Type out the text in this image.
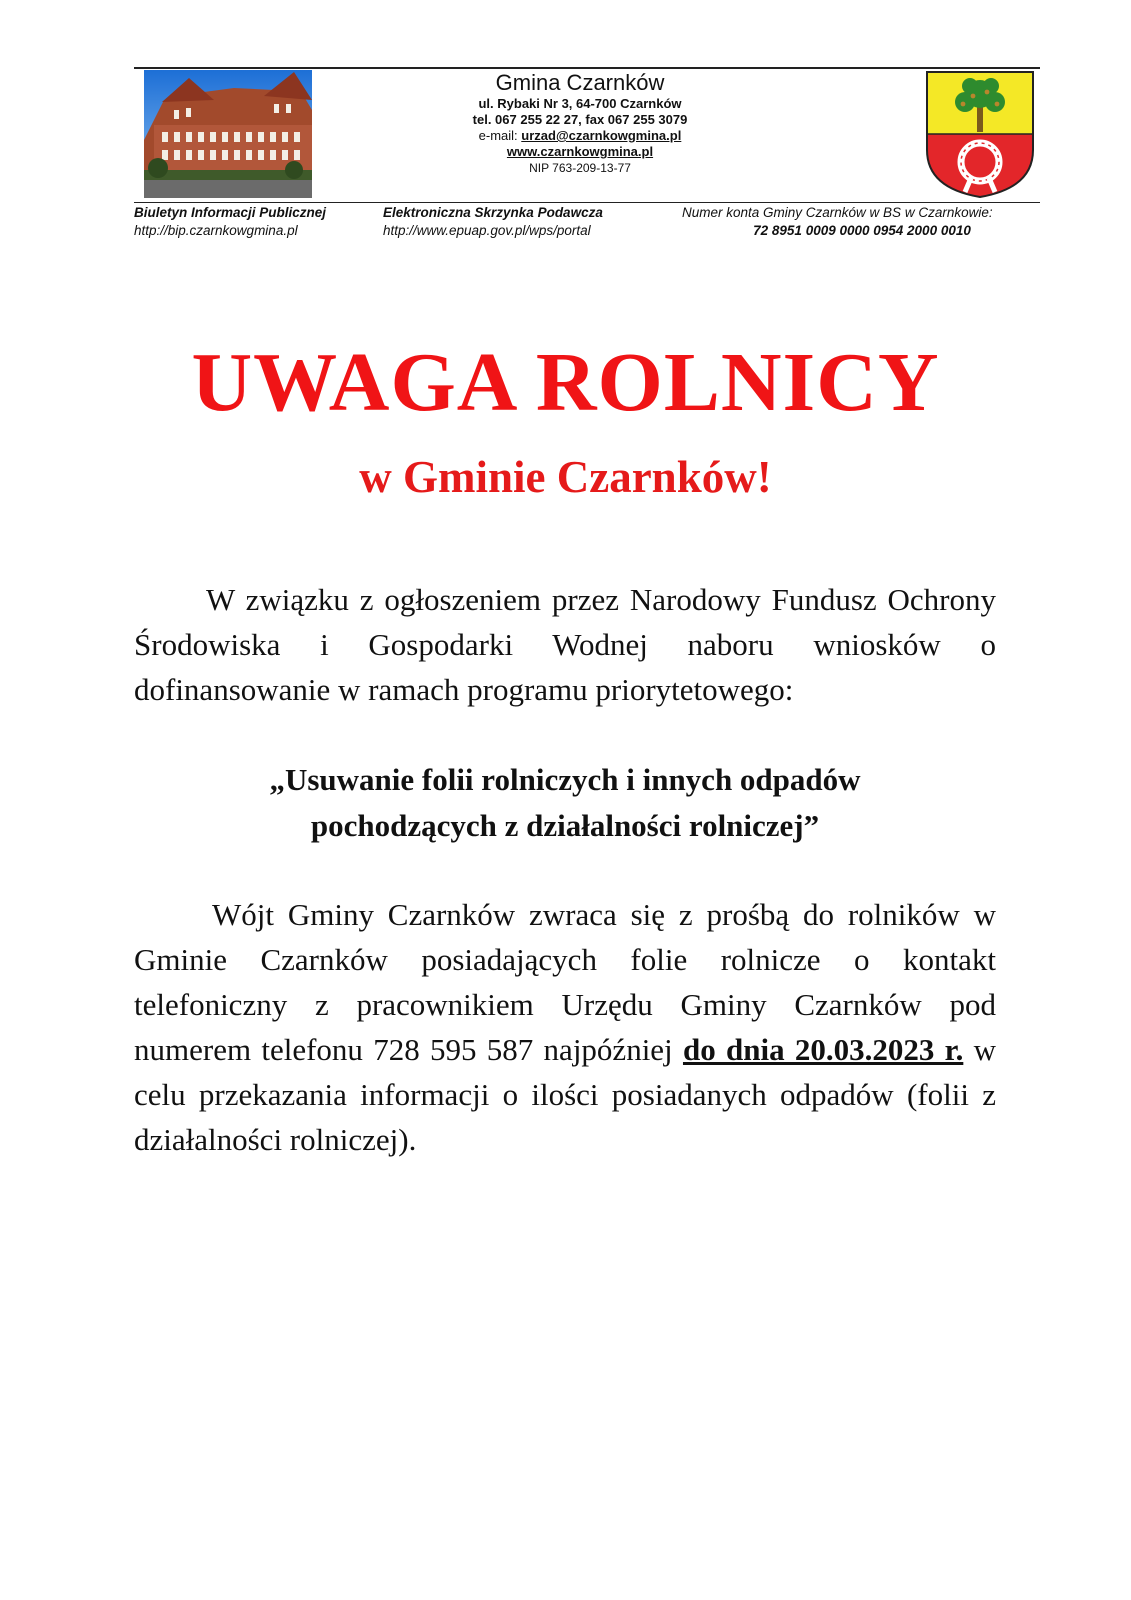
Gmina Czarnków
ul. Rybaki Nr 3, 64-700 Czarnków
tel. 067 255 22 27, fax 067 255 3079
e-mail: urzad@czarnkowgmina.pl
www.czarnkowgmina.pl
NIP 763-209-13-77
Biuletyn Informacji Publicznej
http://bip.czarnkowgmina.pl
Elektroniczna Skrzynka Podawcza
http://www.epuap.gov.pl/wps/portal
Numer konta Gminy Czarnków w BS w Czarnkowie:
72 8951 0009 0000 0954 2000 0010
UWAGA ROLNICY
w Gminie Czarnków!
W związku z ogłoszeniem przez Narodowy Fundusz Ochrony Środowiska i Gospodarki Wodnej naboru wniosków o dofinansowanie w ramach programu priorytetowego:
„Usuwanie folii rolniczych i innych odpadów
pochodzących z działalności rolniczej”
Wójt Gminy Czarnków zwraca się z prośbą do rolników w Gminie Czarnków posiadających folie rolnicze o kontakt telefoniczny z pracownikiem Urzędu Gminy Czarnków pod numerem telefonu 728 595 587 najpóźniej do dnia 20.03.2023 r. w celu przekazania informacji o ilości posiadanych odpadów (folii z działalności rolniczej).
